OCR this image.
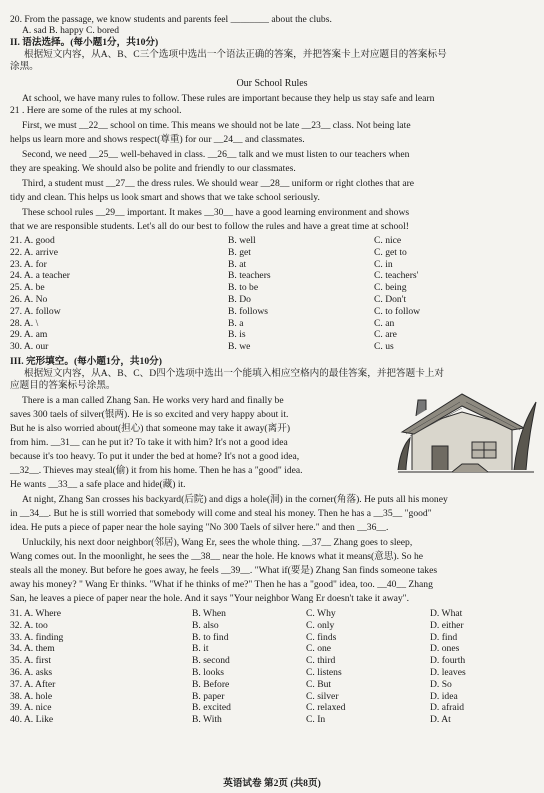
20. From the passage, we know students and parents feel ________ about the clubs.
A. sad B. happy C. bored
II. 语法选择。(每小题1分，共10分)
根据短文内容，从A、B、C三个选项中选出一个语法正确的答案，并把答案卡上对应题目的答案标号
涂黑。
Our School Rules
At school, we have many rules to follow. These rules are important because they help us stay safe and learn
21 . Here are some of the rules at my school.
First, we must __22__ school on time. This means we should not be late __23__ class. Not being late
helps us learn more and shows respect(尊重) for our __24__ and classmates.
Second, we need __25__ well-behaved in class. __26__ talk and we must listen to our teachers when
they are speaking. We should also be polite and friendly to our classmates.
Third, a student must __27__ the dress rules. We should wear __28__ uniform or right clothes that are
tidy and clean. This helps us look smart and shows that we take school seriously.
These school rules __29__ important. It makes __30__ have a good learning environment and shows
that we are responsible students. Let's all do our best to follow the rules and have a great time at school!
21. A. good
22. A. arrive
23. A. for
24. A. a teacher
25. A. be
26. A. No
27. A. follow
28. A. \
29. A. am
30. A. our
B. well
B. get
B. at
B. teachers
B. to be
B. Do
B. follows
B. a
B. is
B. we
C. nice
C. get to
C. in
C. teachers'
C. being
C. Don't
C. to follow
C. an
C. are
C. us
III. 完形填空。(每小题1分，共10分)
根据短文内容，从A、B、C、D四个选项中选出一个能填入相应空格内的最佳答案，并把答题卡上对
应题目的答案标号涂黑。
There is a man called Zhang San. He works very hard and finally be
saves 300 taels of silver(银两). He is so excited and very happy about it.
But he is also worried about(担心) that someone may take it away(离开)
from him. __31__ can he put it? To take it with him? It's not a good idea
because it's too heavy. To put it under the bed at home? It's not a good idea,
__32__. Thieves may steal(偷) it from his home. Then he has a "good" idea.
He wants __33__ a safe place and hide(藏) it.
At night, Zhang San crosses his backyard(后院) and digs a hole(洞) in the corner(角落). He puts all his money
in __34__. But he is still worried that somebody will come and steal his money. Then he has a __35__ "good"
idea. He puts a piece of paper near the hole saying "No 300 Taels of silver here." and then __36__.
Unluckily, his next door neighbor(邻居), Wang Er, sees the whole thing. __37__ Zhang goes to sleep,
Wang comes out. In the moonlight, he sees the __38__ near the hole. He knows what it means(意思). So he
steals all the money. But before he goes away, he feels __39__. "What if(要是) Zhang San finds someone takes
away his money? " Wang Er thinks. "What if he thinks of me?" Then he has a "good" idea, too. __40__ Zhang
San, he leaves a piece of paper near the hole. And it says "Your neighbor Wang Er doesn't take it away".
31. A. Where
32. A. too
33. A. finding
34. A. them
35. A. first
36. A. asks
37. A. After
38. A. hole
39. A. nice
40. A. Like
B. When
B. also
B. to find
B. it
B. second
B. looks
B. Before
B. paper
B. excited
B. With
C. Why
C. only
C. finds
C. one
C. third
C. listens
C. But
C. silver
C. relaxed
C. In
D. What
D. either
D. find
D. ones
D. fourth
D. leaves
D. So
D. idea
D. afraid
D. At
英语试卷 第2页 (共8页)
